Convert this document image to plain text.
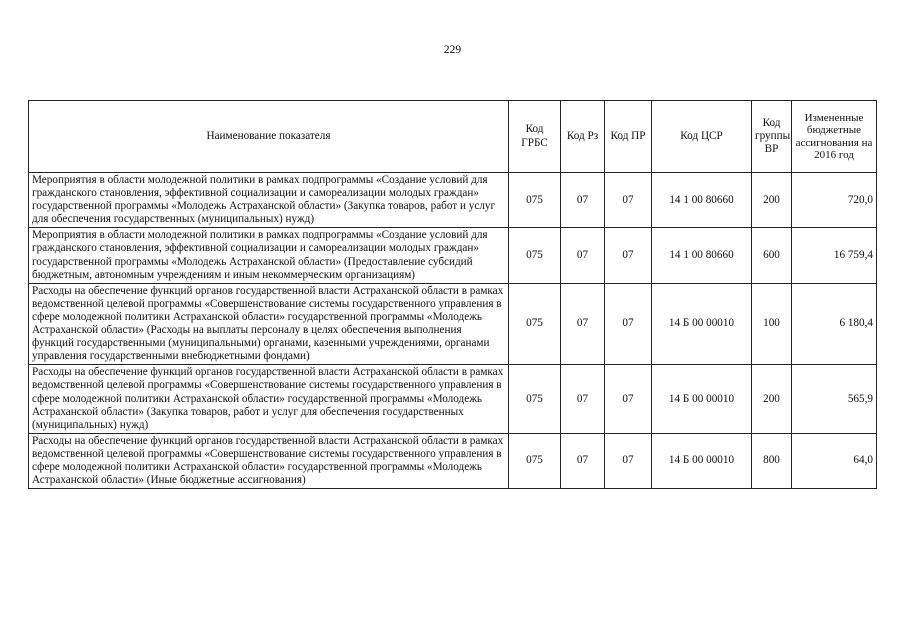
229
Наименование показателя	Код ГРБС	Код Рз	Код ПР	Код ЦСР	Код группы ВР	Измененные бюджетные ассигнования на 2016 год
Мероприятия в области молодежной политики в рамках подпрограммы «Создание условий для гражданского становления, эффективной социализации и самореализации молодых граждан» государственной программы «Молодежь Астраханской области» (Закупка товаров, работ и услуг для обеспечения государственных (муниципальных) нужд)	075	07	07	14 1 00 80660	200	720,0
Мероприятия в области молодежной политики в рамках подпрограммы «Создание условий для гражданского становления, эффективной социализации и самореализации молодых граждан» государственной программы «Молодежь Астраханской области» (Предоставление субсидий бюджетным, автономным учреждениям и иным некоммерческим организациям)	075	07	07	14 1 00 80660	600	16 759,4
Расходы на обеспечение функций органов государственной власти Астраханской области в рамках ведомственной целевой программы «Совершенствование системы государственного управления в сфере молодежной политики Астраханской области» государственной программы «Молодежь Астраханской области» (Расходы на выплаты персоналу в целях обеспечения выполнения функций государственными (муниципальными) органами, казенными учреждениями, органами управления государственными внебюджетными фондами)	075	07	07	14 Б 00 00010	100	6 180,4
Расходы на обеспечение функций органов государственной власти Астраханской области в рамках ведомственной целевой программы «Совершенствование системы государственного управления в сфере молодежной политики Астраханской области» государственной программы «Молодежь Астраханской области» (Закупка товаров, работ и услуг для обеспечения государственных (муниципальных) нужд)	075	07	07	14 Б 00 00010	200	565,9
Расходы на обеспечение функций органов государственной власти Астраханской области в рамках ведомственной целевой программы «Совершенствование системы государственного управления в сфере молодежной политики Астраханской области» государственной программы «Молодежь Астраханской области» (Иные бюджетные ассигнования)	075	07	07	14 Б 00 00010	800	64,0
